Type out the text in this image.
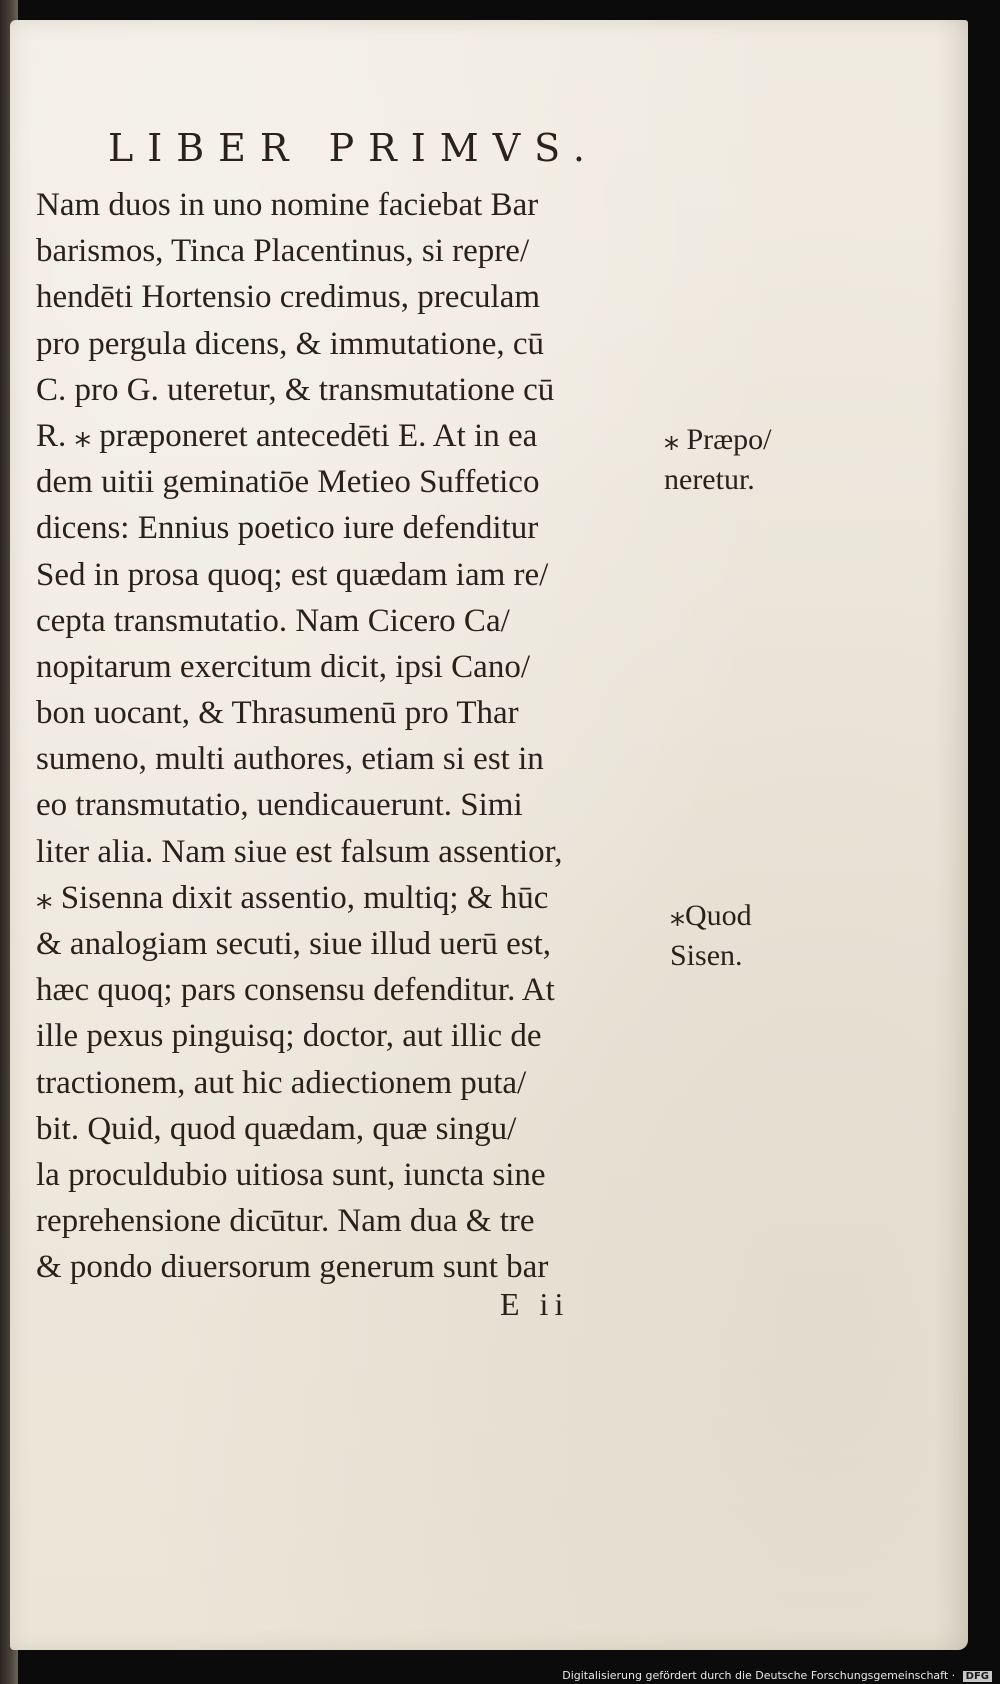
LIBER PRIMVS.
Nam duos in uno nomine faciebat Bar
barismos, Tinca Placentinus, si repre/
hendēti Hortensio credimus, preculam
pro pergula dicens, & immutatione, cū
C. pro G. uteretur, & transmutatione cū
R. ⁎ præponeret antecedēti E. At in ea
dem uitii geminatiōe Metieo Suffetico
dicens: Ennius poetico iure defenditur
Sed in prosa quoq; est quædam iam re/
cepta transmutatio. Nam Cicero Ca/
nopitarum exercitum dicit, ipsi Cano/
bon uocant, & Thrasumenū pro Thar
sumeno, multi authores, etiam si est in
eo transmutatio, uendicauerunt. Simi
liter alia. Nam siue est falsum assentior,
⁎ Sisenna dixit assentio, multiq; & hūc
& analogiam secuti, siue illud uerū est,
hæc quoq; pars consensu defenditur. At
ille pexus pinguisq; doctor, aut illic de
tractionem, aut hic adiectionem puta/
bit. Quid, quod quædam, quæ singu/
la proculdubio uitiosa sunt, iuncta sine
reprehensione dicūtur. Nam dua & tre
& pondo diuersorum generum sunt bar
⁎ Præpo/
neretur.
⁎Quod
Sisen.
E ii
Digitalisierung gefördert durch die Deutsche Forschungsgemeinschaft · DFG
